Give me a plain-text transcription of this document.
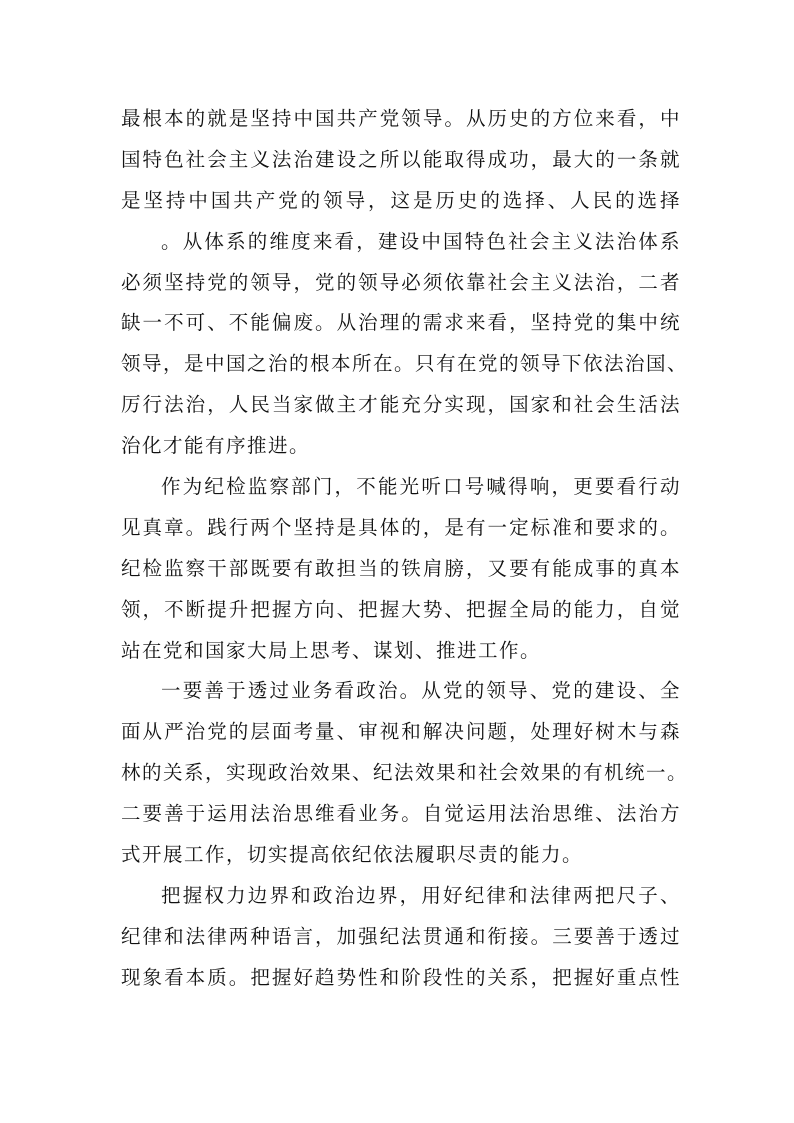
最根本的就是坚持中国共产党领导。从历史的方位来看，中
国特色社会主义法治建设之所以能取得成功，最大的一条就
是坚持中国共产党的领导，这是历史的选择、人民的选择
。从体系的维度来看，建设中国特色社会主义法治体系
必须坚持党的领导，党的领导必须依靠社会主义法治，二者
缺一不可、不能偏废。从治理的需求来看，坚持党的集中统
领导，是中国之治的根本所在。只有在党的领导下依法治国、
厉行法治，人民当家做主才能充分实现，国家和社会生活法
治化才能有序推进。
作为纪检监察部门，不能光听口号喊得响，更要看行动
见真章。践行两个坚持是具体的，是有一定标准和要求的。
纪检监察干部既要有敢担当的铁肩膀，又要有能成事的真本
领，不断提升把握方向、把握大势、把握全局的能力，自觉
站在党和国家大局上思考、谋划、推进工作。
一要善于透过业务看政治。从党的领导、党的建设、全
面从严治党的层面考量、审视和解决问题，处理好树木与森
林的关系，实现政治效果、纪法效果和社会效果的有机统一。
二要善于运用法治思维看业务。自觉运用法治思维、法治方
式开展工作，切实提高依纪依法履职尽责的能力。
把握权力边界和政治边界，用好纪律和法律两把尺子、
纪律和法律两种语言，加强纪法贯通和衔接。三要善于透过
现象看本质。把握好趋势性和阶段性的关系，把握好重点性
